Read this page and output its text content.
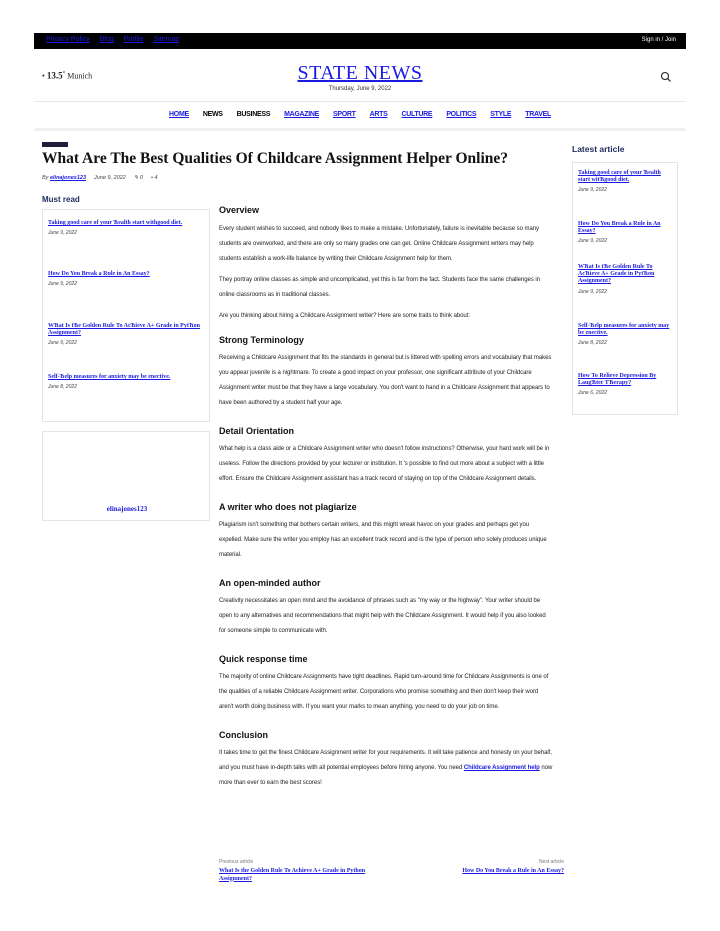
Privacy Policy Blog Profile Sitemap	Sign in / Join
• 13.5° Munich	STATE NEWS
Thursday, June 9, 2022
HOME NEWS BUSINESS MAGAZINE SPORT ARTS CULTURE POLITICS STYLE TRAVEL
What Are The Best Qualities Of Childcare Assignment Helper Online?
By elinajones123 June 9, 2022 ✎ 0 • 4
Must read
Taking good care of your Ћealth start withgood diet.
June 9, 2022
How Do You Break a Rule in An Essay?
June 9, 2022
WЋat Is tЋe Golden Rule To AcЋieve A+ Grade in PytЋon Assignment?
June 9, 2022
Self-Ћelp measures for anxiety may be enective.
June 8, 2022
elinajones123
Overview

Every student wishes to succeed, and nobody likes to make a mistake. Unfortunately, failure is inevitable because so many students are overworked, and there are only so many grades one can get. Online Childcare Assignment writers may help students establish a work-life balance by writing their Childcare Assignment help for them.

They portray online classes as simple and uncomplicated, yet this is far from the fact. Students face the same challenges in online classrooms as in traditional classes.

Are you thinking about hiring a Childcare Assignment writer? Here are some traits to think about:

Strong Terminology

Receiving a Childcare Assignment that fits the standards in general but is littered with spelling errors and vocabulary that makes you appear juvenile is a nightmare. To create a good impact on your professor, one significant attribute of your Childcare Assignment writer must be that they have a large vocabulary. You don't want to hand in a Childcare Assignment that appears to have been authored by a student half your age.

Detail Orientation

What help is a class aide or a Childcare Assignment writer who doesn't follow instructions? Otherwise, your hard work will be in useless. Follow the directions provided by your lecturer or institution. It 's possible to find out more about a subject with a little effort. Ensure the Childcare Assignment assistant has a track record of staying on top of the Childcare Assignment details.

A writer who does not plagiarize

Plagiarism isn't something that bothers certain writers, and this might wreak havoc on your grades and perhaps get you expelled. Make sure the writer you employ has an excellent track record and is the type of person who solely produces unique material.

An open-minded author

Creativity necessitates an open mind and the avoidance of phrases such as "my way or the highway". Your writer should be open to any alternatives and recommendations that might help with the Childcare Assignment. It would help if you also looked for someone simple to communicate with.

Quick response time

The majority of online Childcare Assignments have tight deadlines. Rapid turn-around time for Childcare Assignments is one of the qualities of a reliable Childcare Assignment writer. Corporations who promise something and then don't keep their word aren't worth doing business with. If you want your marks to mean anything, you need to do your job on time.

Conclusion

It takes time to get the finest Childcare Assignment writer for your requirements. It will take patience and honesty on your behalf, and you must have in-depth talks with all potential employees before hiring anyone. You need Childcare Assignment help now more than ever to earn the best scores!

Previous article
What Is the Golden Rule To Achieve A+ Grade in Python Assignment?
Next article
How Do You Break a Rule in An Essay?
Latest article
Taking good care of your Ћealth start witЋgood diet.
June 9, 2022
How Do You Break a Rule in An Essay?
June 9, 2022
WЋat Is tЋe Golden Rule To AcЋieve A+ Grade in PytЋon Assignment?
June 9, 2022
Self-Ћelp measures for anxiety may be enective.
June 8, 2022
How To Relieve Depression By LaugЋter TЋerapy?
June 6, 2022
